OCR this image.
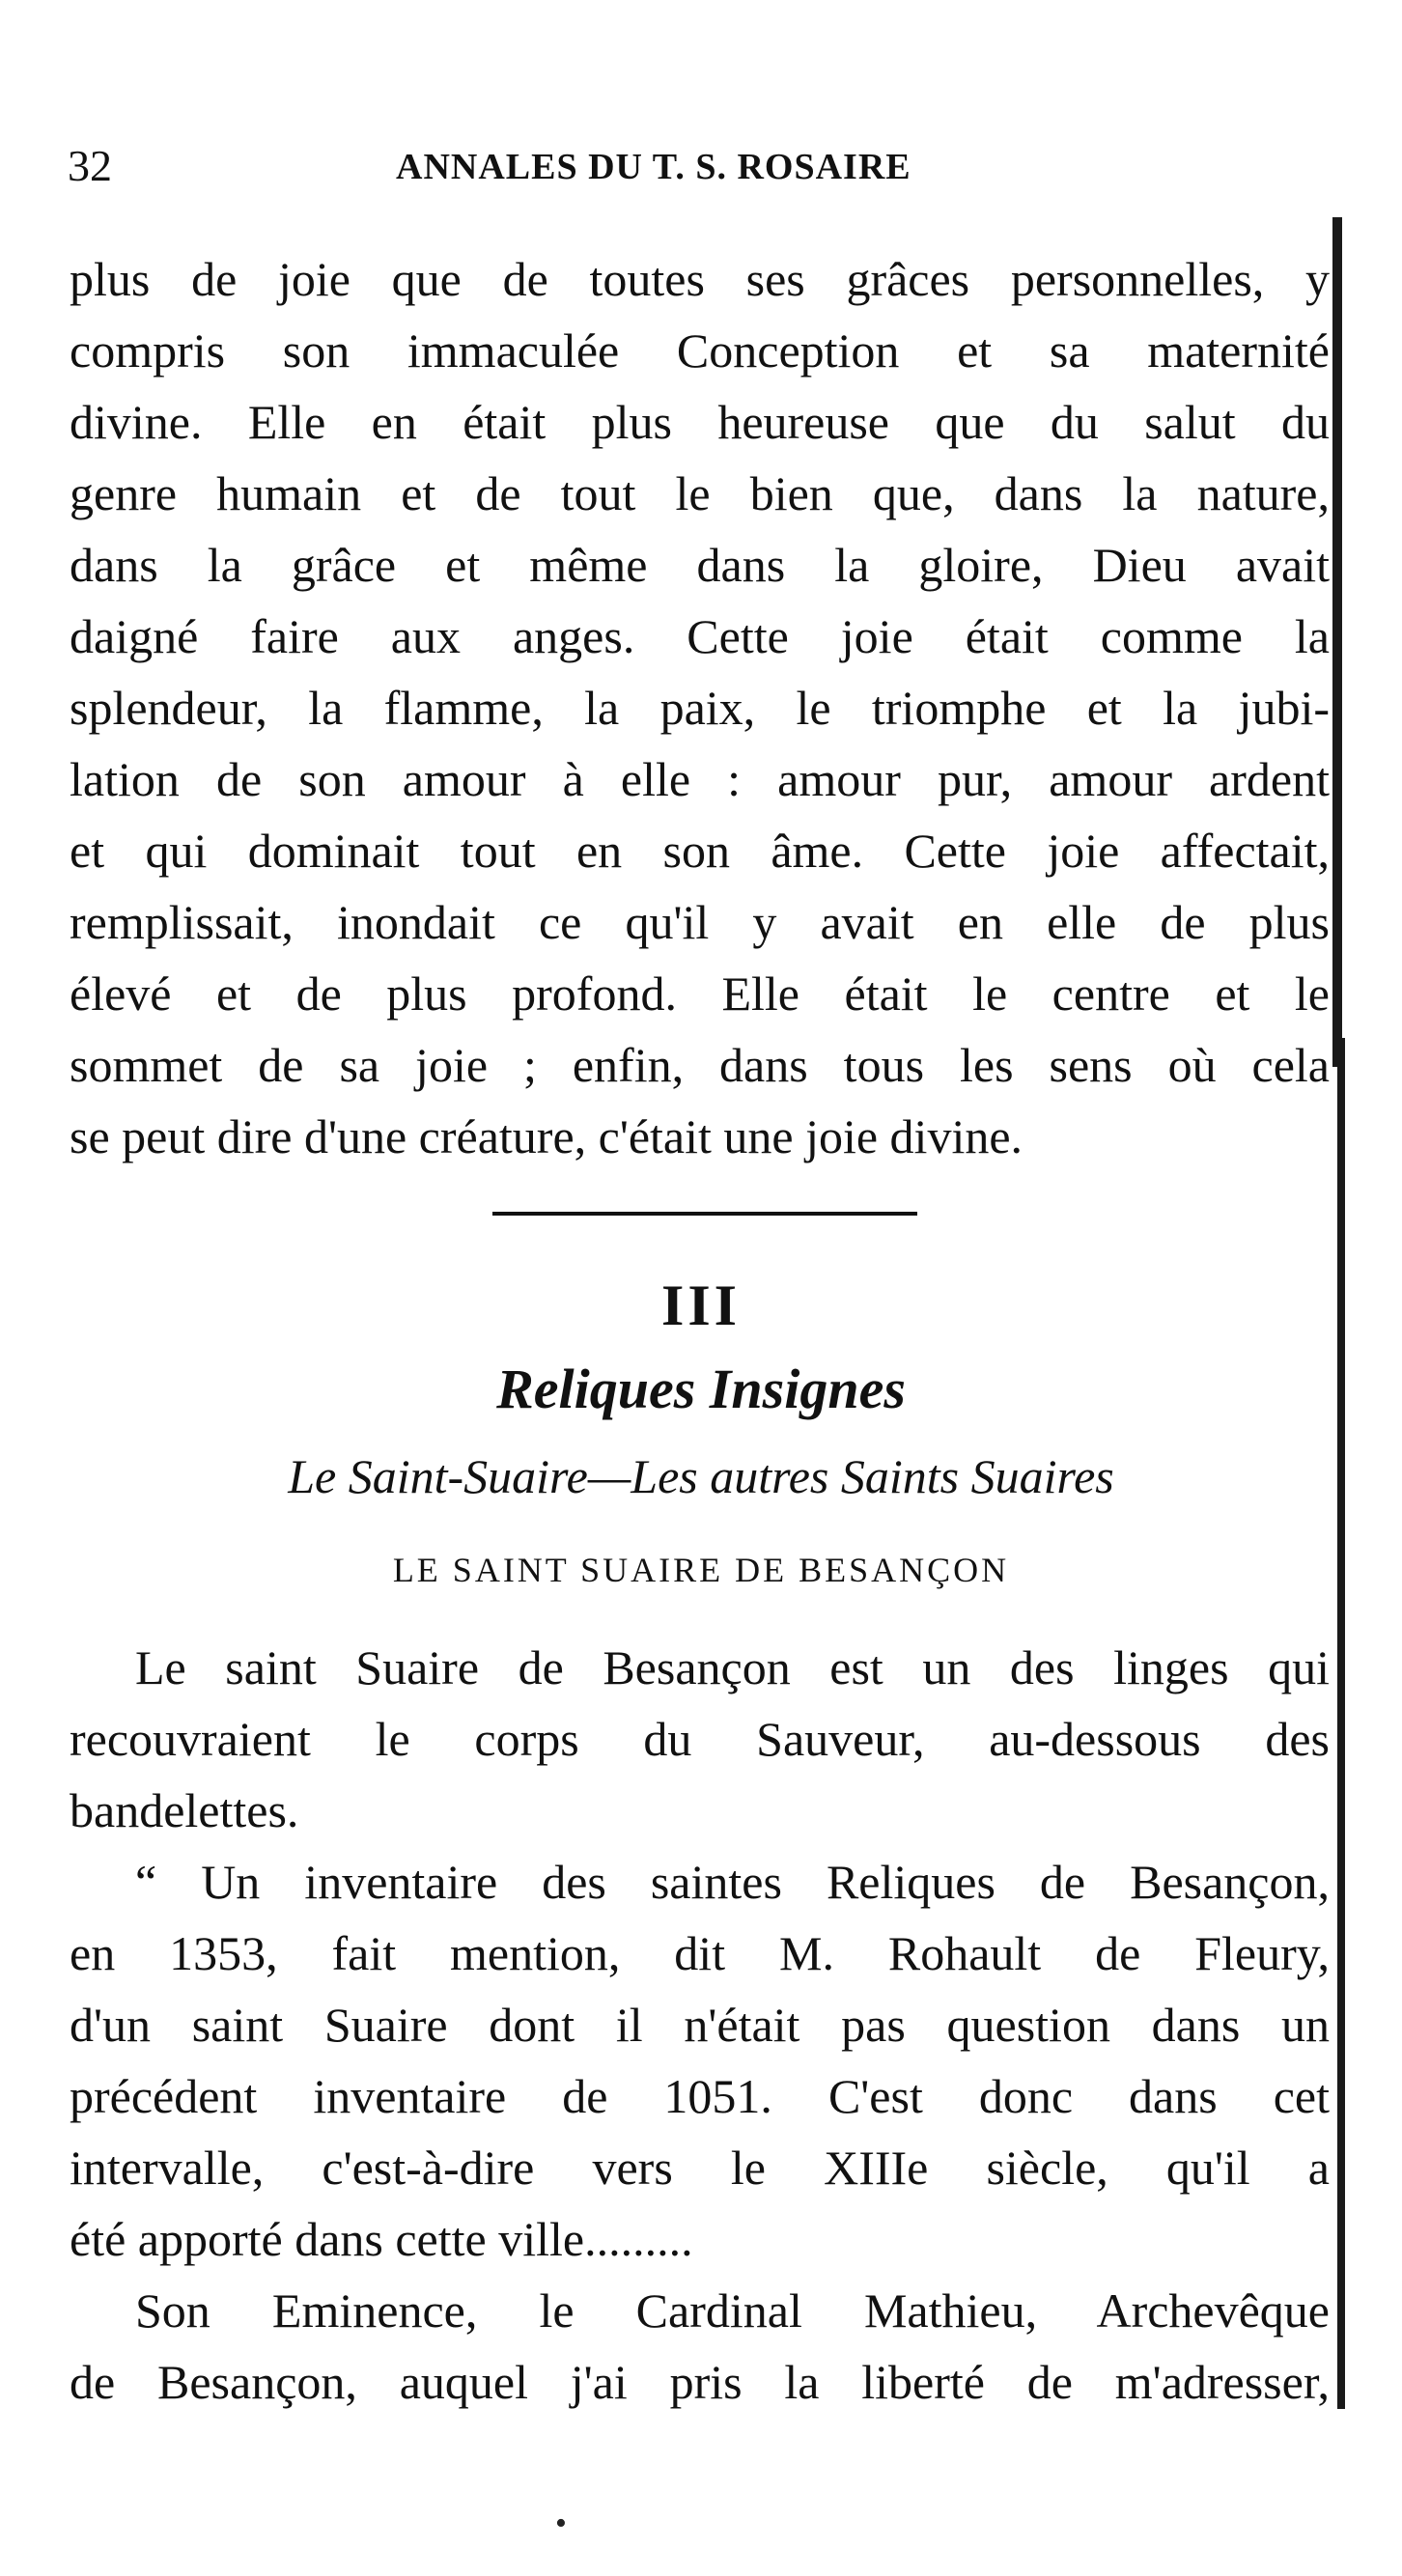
32	ANNALES DU T. S. ROSAIRE
plus de joie que de toutes ses grâces personnelles, y
compris son immaculée Conception et sa maternité
divine. Elle en était plus heureuse que du salut du
genre humain et de tout le bien que, dans la nature,
dans la grâce et même dans la gloire, Dieu avait
daigné faire aux anges. Cette joie était comme la
splendeur, la flamme, la paix, le triomphe et la jubi-
lation de son amour à elle : amour pur, amour ardent
et qui dominait tout en son âme. Cette joie affectait,
remplissait, inondait ce qu'il y avait en elle de plus
élevé et de plus profond. Elle était le centre et le
sommet de sa joie ; enfin, dans tous les sens où cela
se peut dire d'une créature, c'était une joie divine.
III
Reliques Insignes
Le Saint-Suaire—Les autres Saints Suaires
LE SAINT SUAIRE DE BESANÇON
Le saint Suaire de Besançon est un des linges qui
recouvraient le corps du Sauveur, au-dessous des
bandelettes.
“ Un inventaire des saintes Reliques de Besançon,
en 1353, fait mention, dit M. Rohault de Fleury,
d'un saint Suaire dont il n'était pas question dans un
précédent inventaire de 1051. C'est donc dans cet
intervalle, c'est-à-dire vers le XIIIe siècle, qu'il a
été apporté dans cette ville.........
Son Eminence, le Cardinal Mathieu, Archevêque
de Besançon, auquel j'ai pris la liberté de m'adresser,
•
